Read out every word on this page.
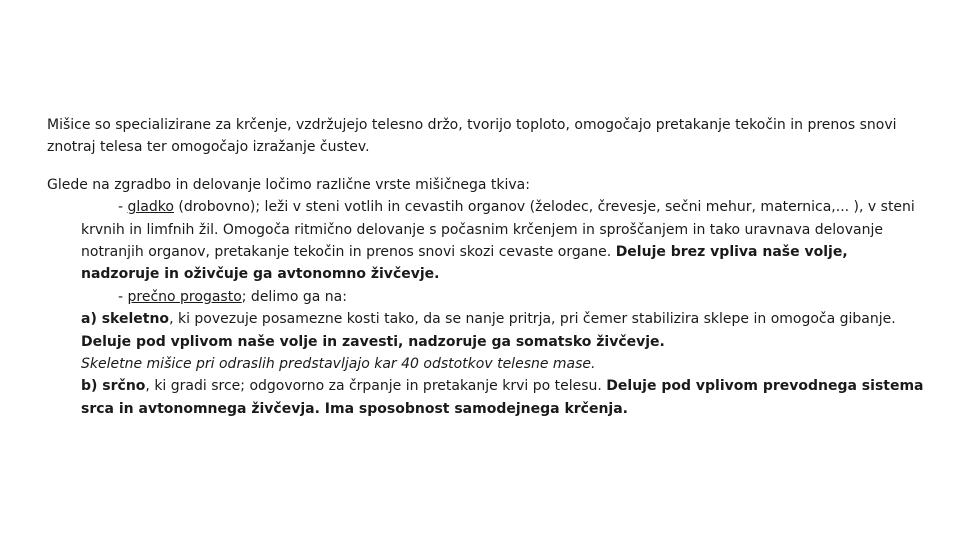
Mišice so specializirane za krčenje, vzdržujejo telesno držo, tvorijo toploto, omogočajo pretakanje tekočin in prenos snovi znotraj telesa ter omogočajo izražanje čustev.

Glede na zgradbo in delovanje ločimo različne vrste mišičnega tkiva:

- gladko (drobovno); leži v steni votlih in cevastih organov (želodec, črevesje, sečni mehur, maternica,... ), v steni krvnih in limfnih žil. Omogoča ritmično delovanje s počasnim krčenjem in sproščanjem in tako uravnava delovanje notranjih organov, pretakanje tekočin in prenos snovi skozi cevaste organe. Deluje brez vpliva naše volje, nadzoruje in oživčuje ga avtonomno živčevje.

- prečno progasto; delimo ga na:

a) skeletno, ki povezuje posamezne kosti tako, da se nanje pritrja, pri čemer stabilizira sklepe in omogoča gibanje. Deluje pod vplivom naše volje in zavesti, nadzoruje ga somatsko živčevje.

Skeletne mišice pri odraslih predstavljajo kar 40 odstotkov telesne mase.

b) srčno, ki gradi srce; odgovorno za črpanje in pretakanje krvi po telesu. Deluje pod vplivom prevodnega sistema srca in avtonomnega živčevja. Ima sposobnost samodejnega krčenja.
